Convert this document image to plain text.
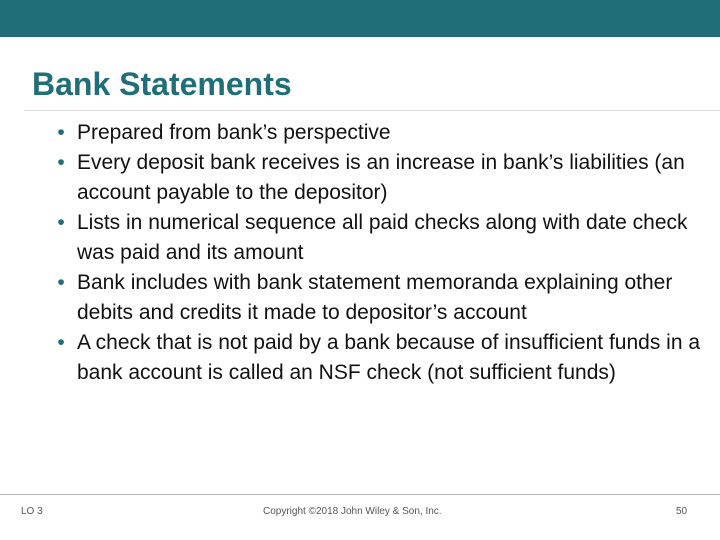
Bank Statements
• Prepared from bank’s perspective
• Every deposit bank receives is an increase in bank’s liabilities (an account payable to the depositor)
• Lists in numerical sequence all paid checks along with date check was paid and its amount
• Bank includes with bank statement memoranda explaining other debits and credits it made to depositor’s account
• A check that is not paid by a bank because of insufficient funds in a bank account is called an NSF check (not sufficient funds)
LO 3	Copyright ©2018 John Wiley & Son, Inc.	50
